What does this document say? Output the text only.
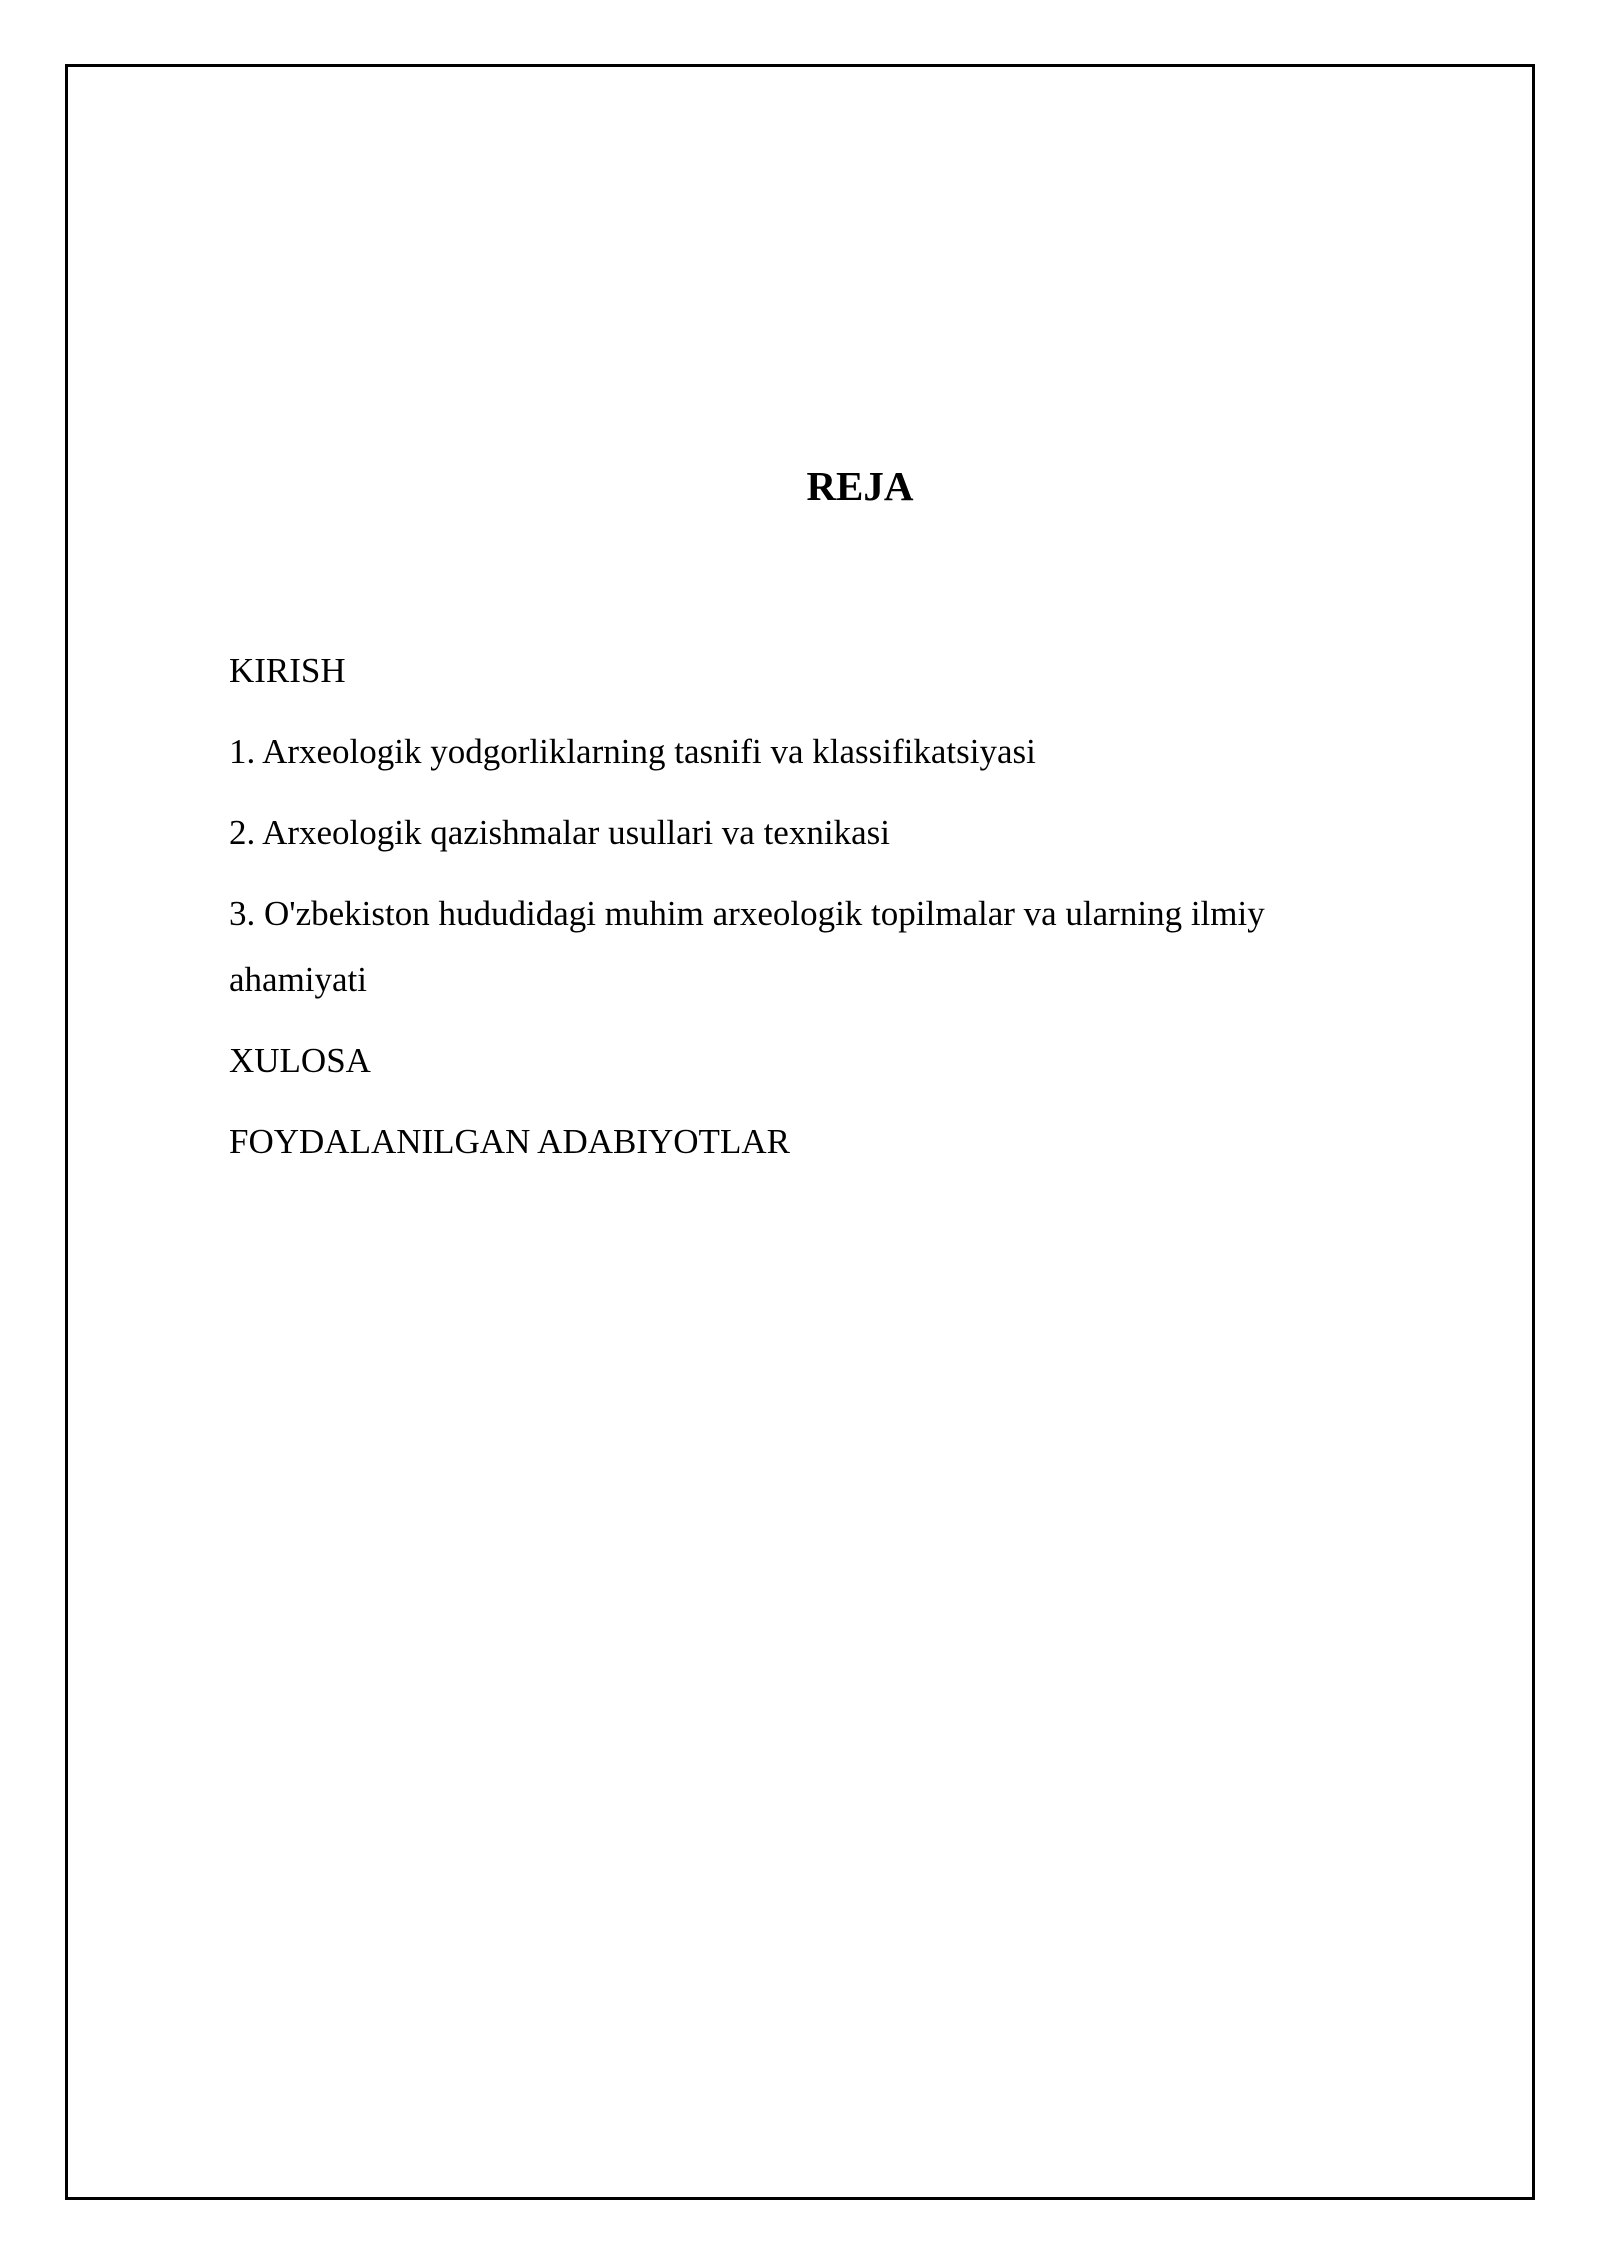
REJA
KIRISH
1. Arxeologik yodgorliklarning tasnifi va klassifikatsiyasi
2. Arxeologik qazishmalar usullari va texnikasi
3. O'zbekiston hududidagi muhim arxeologik topilmalar va ularning ilmiy ahamiyati
XULOSA
FOYDALANILGAN ADABIYOTLAR
